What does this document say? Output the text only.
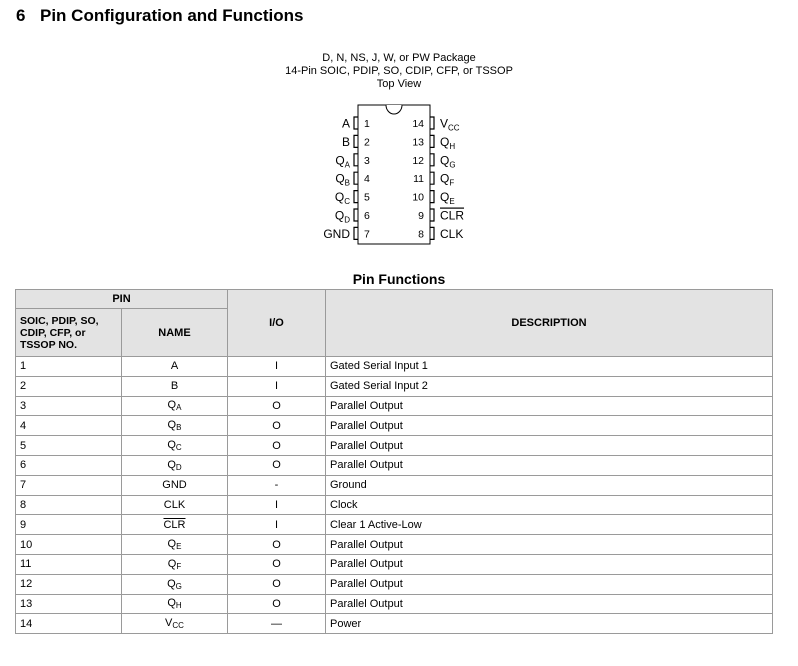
6 Pin Configuration and Functions
D, N, NS, J, W, or PW Package
14-Pin SOIC, PDIP, SO, CDIP, CFP, or TSSOP
Top View
1
A
2
B
3
$Q_A$
4
$Q_B$
5
$Q_C$
6
$Q_D$
7
GND
14 $V_{CC}$
13 $Q_H$
12 $Q_G$
11 $Q_F$
10 $Q_E$
9 CLR
8 CLK
Pin Functions
PIN		I/O	DESCRIPTION
SOIC, PDIP, SO, CDIP, CFP, or TSSOP NO.	NAME		
1	A	I	Gated Serial Input 1
2	B	I	Gated Serial Input 2
3	QA	O	Parallel Output
4	QB	O	Parallel Output
5	QC	O	Parallel Output
6	QD	O	Parallel Output
7	GND	-	Ground
8	CLK	I	Clock
9	$\overline{CLR}$	I	Clear 1 Active-Low
10	QE	O	Parallel Output
11	QF	O	Parallel Output
12	QG	O	Parallel Output
13	QH	O	Parallel Output
14	VCC	—	Power
